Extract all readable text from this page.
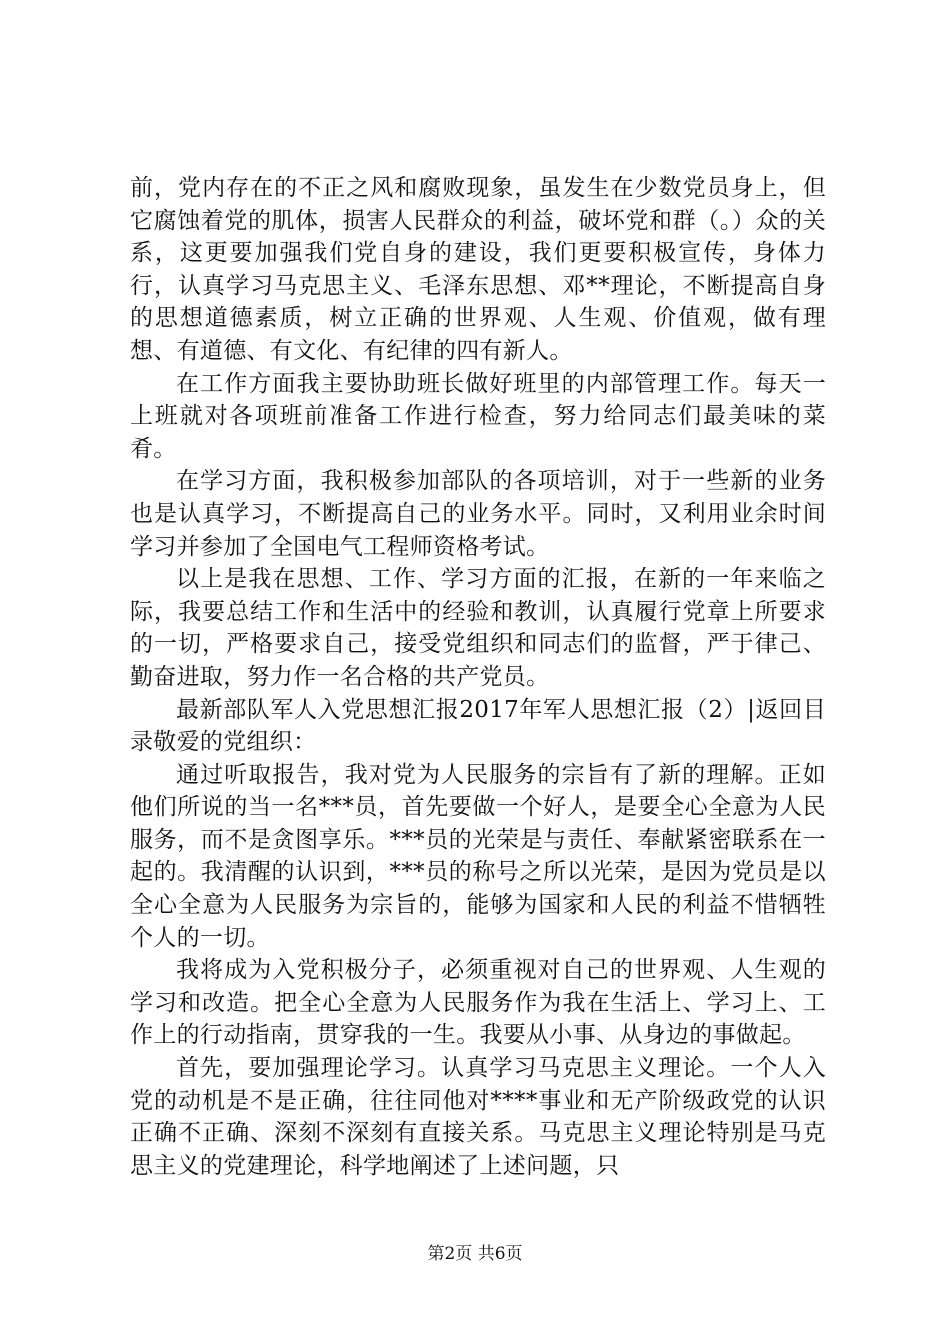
前，党内存在的不正之风和腐败现象，虽发生在少数党员身上，但它腐蚀着党的肌体，损害人民群众的利益，破坏党和群（。）众的关系，这更要加强我们党自身的建设，我们更要积极宣传，身体力行，认真学习马克思主义、毛泽东思想、邓**理论，不断提高自身的思想道德素质，树立正确的世界观、人生观、价值观，做有理想、有道德、有文化、有纪律的四有新人。

在工作方面我主要协助班长做好班里的内部管理工作。每天一上班就对各项班前准备工作进行检查，努力给同志们最美味的菜肴。

在学习方面，我积极参加部队的各项培训，对于一些新的业务也是认真学习，不断提高自己的业务水平。同时，又利用业余时间学习并参加了全国电气工程师资格考试。

以上是我在思想、工作、学习方面的汇报，在新的一年来临之际，我要总结工作和生活中的经验和教训，认真履行党章上所要求的一切，严格要求自己，接受党组织和同志们的监督，严于律己、勤奋进取，努力作一名合格的共产党员。

最新部队军人入党思想汇报2017年军人思想汇报（2）|返回目录敬爱的党组织：

通过听取报告，我对党为人民服务的宗旨有了新的理解。正如他们所说的当一名***员，首先要做一个好人，是要全心全意为人民服务，而不是贪图享乐。***员的光荣是与责任、奉献紧密联系在一起的。我清醒的认识到，***员的称号之所以光荣，是因为党员是以全心全意为人民服务为宗旨的，能够为国家和人民的利益不惜牺牲个人的一切。

我将成为入党积极分子，必须重视对自己的世界观、人生观的学习和改造。把全心全意为人民服务作为我在生活上、学习上、工作上的行动指南，贯穿我的一生。我要从小事、从身边的事做起。

首先，要加强理论学习。认真学习马克思主义理论。一个人入党的动机是不是正确，往往同他对****事业和无产阶级政党的认识正确不正确、深刻不深刻有直接关系。马克思主义理论特别是马克思主义的党建理论，科学地阐述了上述问题，只

第2页 共6页
